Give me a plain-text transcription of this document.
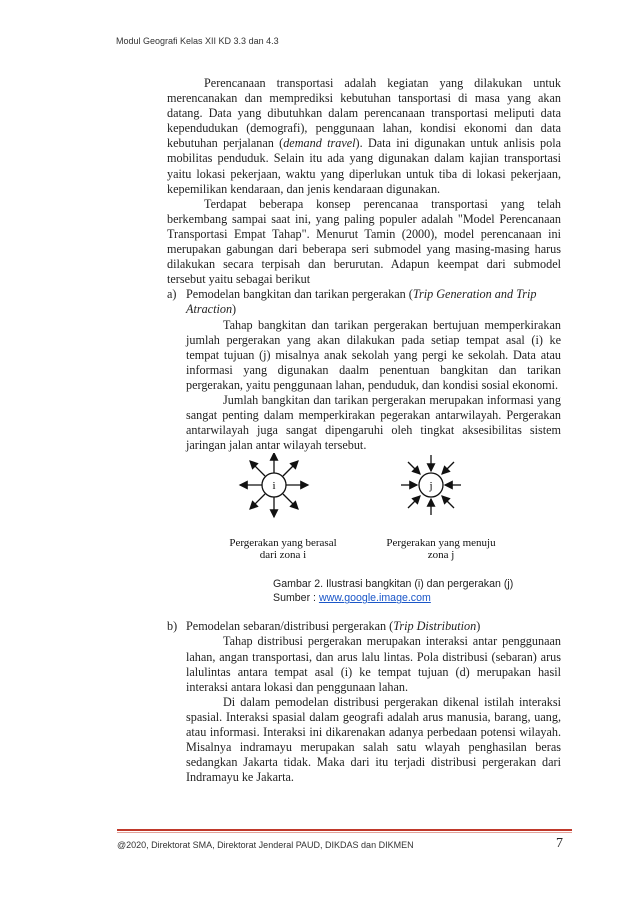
Modul Geografi Kelas XII KD 3.3 dan 4.3

Perencanaan transportasi adalah kegiatan yang dilakukan untuk merencanakan dan memprediksi kebutuhan tansportasi di masa yang akan datang. Data yang dibutuhkan dalam perencanaan transportasi meliputi data kependudukan (demografi), penggunaan lahan, kondisi ekonomi dan data kebutuhan perjalanan (demand travel). Data ini digunakan untuk anlisis pola mobilitas penduduk. Selain itu ada yang digunakan dalam kajian transportasi yaitu lokasi pekerjaan, waktu yang diperlukan untuk tiba di lokasi pekerjaan, kepemilikan kendaraan, dan jenis kendaraan digunakan.

Terdapat beberapa konsep perencanaa transportasi yang telah berkembang sampai saat ini, yang paling populer adalah "Model Perencanaan Transportasi Empat Tahap". Menurut Tamin (2000), model perencanaan ini merupakan gabungan dari beberapa seri submodel yang masing-masing harus dilakukan secara terpisah dan berurutan. Adapun keempat dari submodel tersebut yaitu sebagai berikut

a) Pemodelan bangkitan dan tarikan pergerakan (Trip Generation and Trip Atraction)

Tahap bangkitan dan tarikan pergerakan bertujuan memperkirakan jumlah pergerakan yang akan dilakukan pada setiap tempat asal (i) ke tempat tujuan (j) misalnya anak sekolah yang pergi ke sekolah. Data atau informasi yang digunakan daalm penentuan bangkitan dan tarikan pergerakan, yaitu penggunaan lahan, penduduk, dan kondisi sosial ekonomi.

Jumlah bangkitan dan tarikan pergerakan merupakan informasi yang sangat penting dalam memperkirakan pegerakan antarwilayah. Pergerakan antarwilayah juga sangat dipengaruhi oleh tingkat aksesibilitas sistem jaringan jalan antar wilayah tersebut.

i	j
Pergerakan yang berasal
dari zona i
Pergerakan yang menuju
zona j
Gambar 2. Ilustrasi bangkitan (i) dan pergerakan (j)
Sumber : www.google.image.com
b) Pemodelan sebaran/distribusi pergerakan (Trip Distribution)

Tahap distribusi pergerakan merupakan interaksi antar penggunaan lahan, angan transportasi, dan arus lalu lintas. Pola distribusi (sebaran) arus lalulintas antara tempat asal (i) ke tempat tujuan (d) merupakan hasil interaksi antara lokasi dan penggunaan lahan.

Di dalam pemodelan distribusi pergerakan dikenal istilah interaksi spasial. Interaksi spasial dalam geografi adalah arus manusia, barang, uang, atau informasi. Interaksi ini dikarenakan adanya perbedaan potensi wilayah. Misalnya indramayu merupakan salah satu wlayah penghasilan beras sedangkan Jakarta tidak. Maka dari itu terjadi distribusi pergerakan dari Indramayu ke Jakarta.

@2020, Direktorat SMA, Direktorat Jenderal PAUD, DIKDAS dan DIKMEN	7
